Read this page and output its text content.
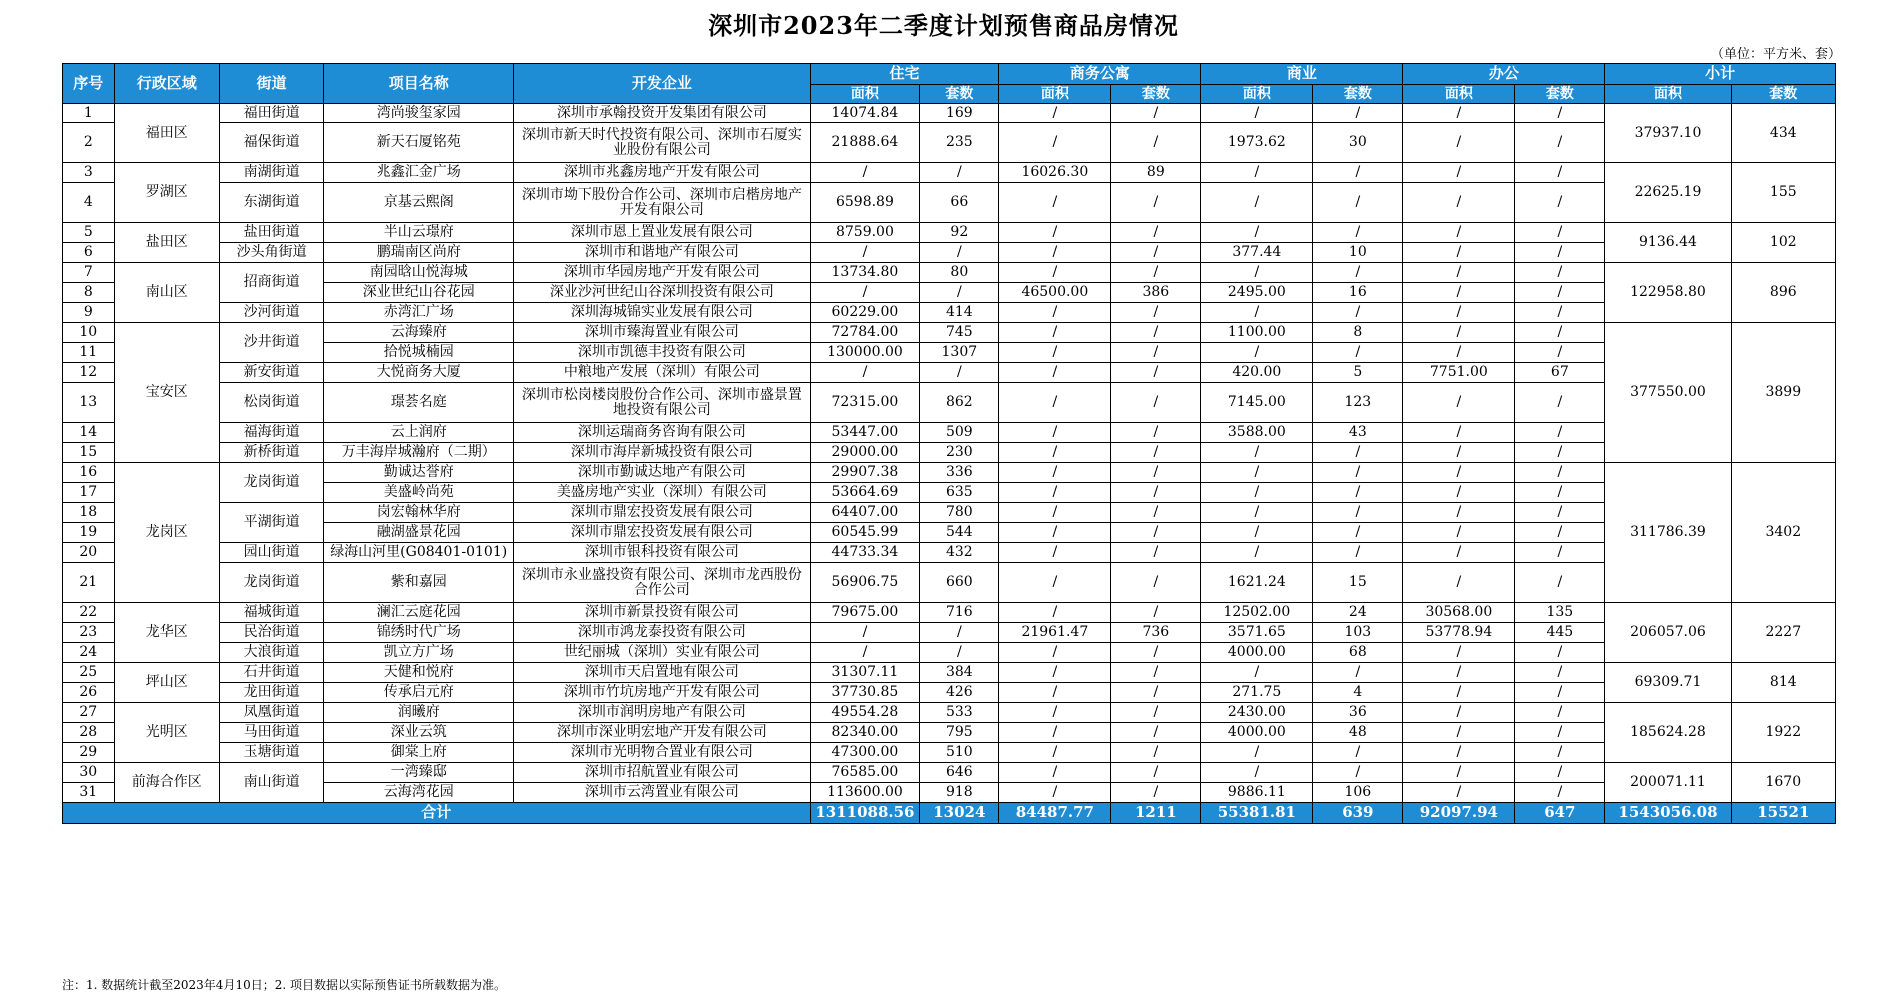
深圳市2023年二季度计划预售商品房情况
（单位：平方米、套）
序号	行政区域	街道	项目名称	开发企业	住宅		商务公寓		商业		办公		小计	
					面积	套数	面积	套数	面积	套数	面积	套数	面积	套数
1	福田区	福田街道	湾尚骏玺家园	深圳市承翰投资开发集团有限公司	14074.84	169	/	/	/	/	/	/	37937.10	434
2		福保街道	新天石厦铭苑	深圳市新天时代投资有限公司、深圳市石厦实业股份有限公司	21888.64	235	/	/	1973.62	30	/	/		
3	罗湖区	南湖街道	兆鑫汇金广场	深圳市兆鑫房地产开发有限公司	/	/	16026.30	89	/	/	/	/	22625.19	155
4		东湖街道	京基云熙阁	深圳市坳下股份合作公司、深圳市启楷房地产开发有限公司	6598.89	66	/	/	/	/	/	/		
5	盐田区	盐田街道	半山云璟府	深圳市恩上置业发展有限公司	8759.00	92	/	/	/	/	/	/	9136.44	102
6		沙头角街道	鹏瑞南区尚府	深圳市和谐地产有限公司	/	/	/	/	377.44	10	/	/		
7	南山区	招商街道	南园晗山悦海城	深圳市华园房地产开发有限公司	13734.80	80	/	/	/	/	/	/	122958.80	896
8			深业世纪山谷花园	深业沙河世纪山谷深圳投资有限公司	/	/	46500.00	386	2495.00	16	/	/		
9		沙河街道	赤湾汇广场	深圳海城锦实业发展有限公司	60229.00	414	/	/	/	/	/	/		
10	宝安区	沙井街道	云海臻府	深圳市臻海置业有限公司	72784.00	745	/	/	1100.00	8	/	/	377550.00	3899
11			拾悦城楠园	深圳市凯德丰投资有限公司	130000.00	1307	/	/	/	/	/	/		
12		新安街道	大悦商务大厦	中粮地产发展（深圳）有限公司	/	/	/	/	420.00	5	7751.00	67		
13		松岗街道	璟荟名庭	深圳市松岗楼岗股份合作公司、深圳市盛景置地投资有限公司	72315.00	862	/	/	7145.00	123	/	/		
14		福海街道	云上润府	深圳运瑞商务咨询有限公司	53447.00	509	/	/	3588.00	43	/	/		
15		新桥街道	万丰海岸城瀚府（二期）	深圳市海岸新城投资有限公司	29000.00	230	/	/	/	/	/	/		
16	龙岗区	龙岗街道	勤诚达誉府	深圳市勤诚达地产有限公司	29907.38	336	/	/	/	/	/	/	311786.39	3402
17			美盛岭尚苑	美盛房地产实业（深圳）有限公司	53664.69	635	/	/	/	/	/	/		
18		平湖街道	岗宏翰林华府	深圳市鼎宏投资发展有限公司	64407.00	780	/	/	/	/	/	/		
19			融湖盛景花园	深圳市鼎宏投资发展有限公司	60545.99	544	/	/	/	/	/	/		
20		园山街道	绿海山河里(G08401-0101)	深圳市银科投资有限公司	44733.34	432	/	/	/	/	/	/		
21		龙岗街道	紫和嘉园	深圳市永业盛投资有限公司、深圳市龙西股份合作公司	56906.75	660	/	/	1621.24	15	/	/		
22	龙华区	福城街道	澜汇云庭花园	深圳市新景投资有限公司	79675.00	716	/	/	12502.00	24	30568.00	135	206057.06	2227
23		民治街道	锦绣时代广场	深圳市鸿龙泰投资有限公司	/	/	21961.47	736	3571.65	103	53778.94	445		
24		大浪街道	凯立方广场	世纪丽城（深圳）实业有限公司	/	/	/	/	4000.00	68	/	/		
25	坪山区	石井街道	天健和悦府	深圳市天启置地有限公司	31307.11	384	/	/	/	/	/	/	69309.71	814
26		龙田街道	传承启元府	深圳市竹坑房地产开发有限公司	37730.85	426	/	/	271.75	4	/	/		
27	光明区	凤凰街道	润曦府	深圳市润明房地产有限公司	49554.28	533	/	/	2430.00	36	/	/	185624.28	1922
28		马田街道	深业云筑	深圳市深业明宏地产开发有限公司	82340.00	795	/	/	4000.00	48	/	/		
29		玉塘街道	御棠上府	深圳市光明物合置业有限公司	47300.00	510	/	/	/	/	/	/		
30	前海合作区	南山街道	一湾臻邸	深圳市招航置业有限公司	76585.00	646	/	/	/	/	/	/	200071.11	1670
31			云海湾花园	深圳市云湾置业有限公司	113600.00	918	/	/	9886.11	106	/	/		
合计					1311088.56	13024	84487.77	1211	55381.81	639	92097.94	647	1543056.08	15521
注：1. 数据统计截至2023年4月10日；2. 项目数据以实际预售证书所载数据为准。
